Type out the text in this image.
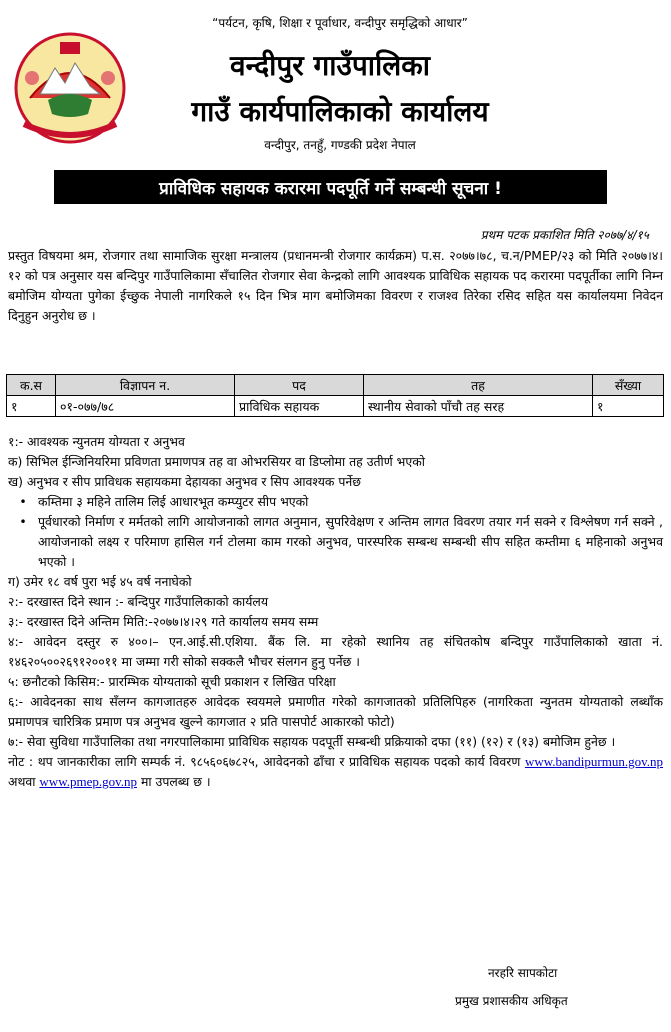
“पर्यटन, कृषि, शिक्षा र पूर्वाधार, वन्दीपुर समृद्धिको आधार”
वन्दीपुर गाउँपालिका
गाउँ कार्यपालिकाको कार्यालय
वन्दीपुर, तनहुँ, गण्डकी प्रदेश नेपाल
प्राविधिक सहायक करारमा पदपूर्ति गर्ने सम्बन्धी सूचना !
प्रथम पटक प्रकाशित मिति २०७७/४/१५
प्रस्तुत विषयमा श्रम, रोजगार तथा सामाजिक सुरक्षा मन्त्रालय (प्रधानमन्त्री रोजगार कार्यक्रम) प.स. २०७७।७८, च.न/PMEP/२३ को मिति २०७७।४।१२ को पत्र अनुसार यस बन्दिपुर गाउँपालिकामा सँचालित रोजगार सेवा केन्द्रको लागि आवश्यक प्राविधिक सहायक पद करारमा पदपूर्तीका लागि निम्न बमोजिम योग्यता पुगेका ईच्छुक नेपाली नागरिकले १५ दिन भित्र माग बमोजिमका विवरण र राजश्व तिरेका रसिद सहित यस कार्यालयमा निवेदन दिनुहुन अनुरोध छ ।
क.स	विज्ञापन न.	पद	तह	सँख्या
१	०१-०७७/७८	प्राविधिक सहायक	स्थानीय सेवाको पाँचौ तह सरह	१

१:- आवश्यक न्युनतम योग्यता र अनुभव

क) सिभिल ईन्जिनियरिमा प्रविणता प्रमाणपत्र तह वा ओभरसियर वा डिप्लोमा तह उतीर्ण भएको

ख) अनुभव र सीप प्राविधक सहायकमा देहायका अनुभव र सिप आवश्यक पर्नेछ

• कम्तिमा ३ महिने तालिम लिई आधारभूत कम्प्युटर सीप भएको
• पूर्वधारको निर्माण र मर्मतको लागि आयोजनाको लागत अनुमान, सुपरिवेक्षण र अन्तिम लागत विवरण तयार गर्न सक्ने र विश्लेषण गर्न सक्ने , आयोजनाको लक्ष्य र परिमाण हासिल गर्न टोलमा काम गरको अनुभव, पारस्परिक सम्बन्ध सम्बन्धी सीप सहित कम्तीमा ६ महिनाको अनुभव भएको ।

ग) उमेर १८ वर्ष पुरा भई ४५ वर्ष ननाघेको

२:- दरखास्त दिने स्थान :- बन्दिपुर गाउँपालिकाको कार्यलय

३:- दरखास्त दिने अन्तिम मिति:-२०७७।४।२९ गते कार्यालय समय सम्म

४:- आवेदन दस्तुर रु ४००।– एन.आई.सी.एशिया. बैंक लि. मा रहेको स्थानिय तह संचितकोष बन्दिपुर गाउँपालिकाको खाता नं. १४६२०५००२६९१२००११ मा जम्मा गरी सोको सक्कलै भौचर संलगन हुनु पर्नेछ ।

५: छनौटको किसिम:- प्रारम्भिक योग्यताको सूची प्रकाशन र लिखित परिक्षा

६:- आवेदनका साथ सँलग्न कागजातहरु आवेदक स्वयमले प्रमाणीत गरेको कागजातको प्रतिलिपिहरु (नागरिकता न्युनतम योग्यताको लब्धाँक प्रमाणपत्र चारित्रिक प्रमाण पत्र अनुभव खुल्ने कागजात २ प्रति पासपोर्ट आकारको फोटो)

७:- सेवा सुविधा गाउँपालिका तथा नगरपालिकामा प्राविधिक सहायक पदपूर्ती सम्बन्धी प्रक्रियाको दफा (११) (१२) र (१३) बमोजिम हुनेछ ।

नोट : थप जानकारीका लागि सम्पर्क नं. ९८५६०६७८२५, आवेदनको ढाँचा र प्राविधिक सहायक पदको कार्य विवरण www.bandipurmun.gov.np अथवा www.pmep.gov.np मा उपलब्ध छ ।

नरहरि सापकोटा
प्रमुख प्रशासकीय अधिकृत
